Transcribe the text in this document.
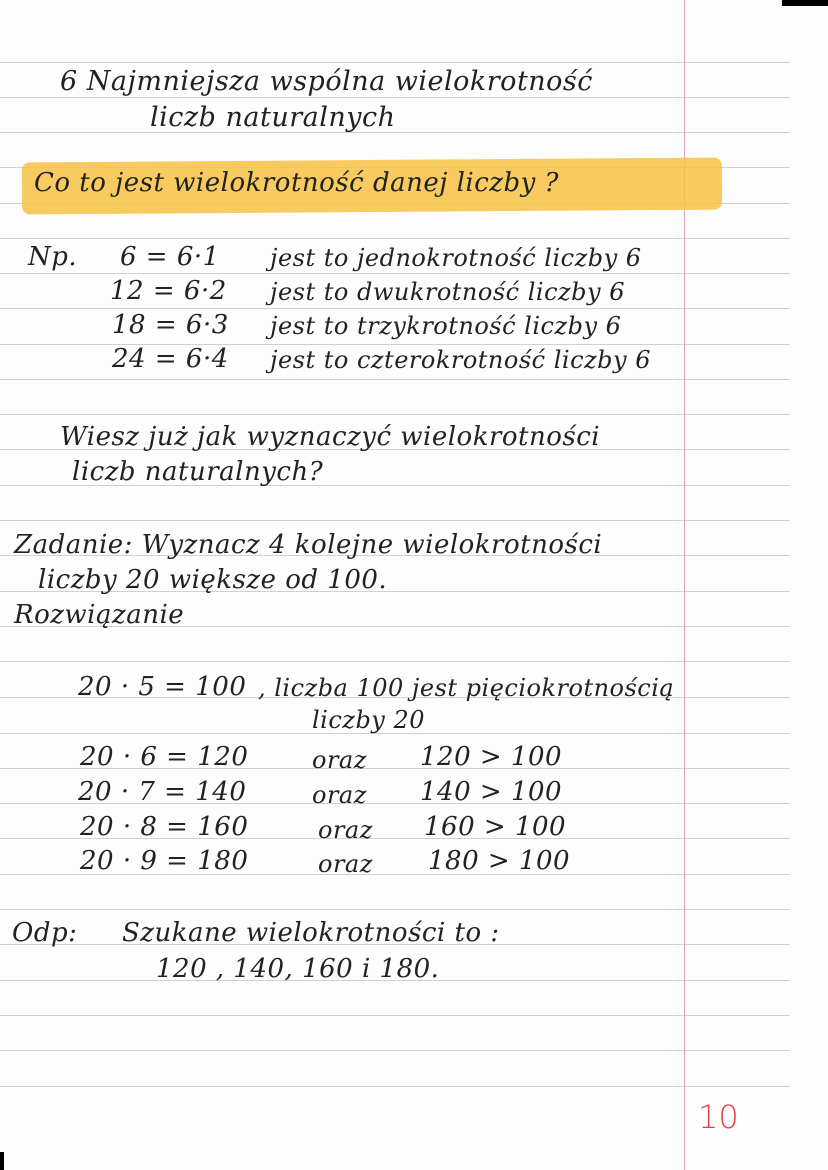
6 Najmniejsza wspólna wielokrotność
liczb naturalnych
Co to jest wielokrotność danej liczby ?
Np. 6 = 6·1 jest to jednokrotność liczby 6
12 = 6·2 jest to dwukrotność liczby 6
18 = 6·3 jest to trzykrotność liczby 6
24 = 6·4 jest to czterokrotność liczby 6
Wiesz już jak wyznaczyć wielokrotności
liczb naturalnych?
Zadanie: Wyznacz 4 kolejne wielokrotności
liczby 20 większe od 100.
Rozwiązanie
20 · 5 = 100 , liczba 100 jest pięciokrotnością
liczby 20
20 · 6 = 120	oraz 120 > 100
20 · 7 = 140	oraz 140 > 100
20 · 8 = 160	oraz 160 > 100
20 · 9 = 180	oraz 180 > 100
Odp: Szukane wielokrotności to :
120 , 140, 160 i 180.
10
